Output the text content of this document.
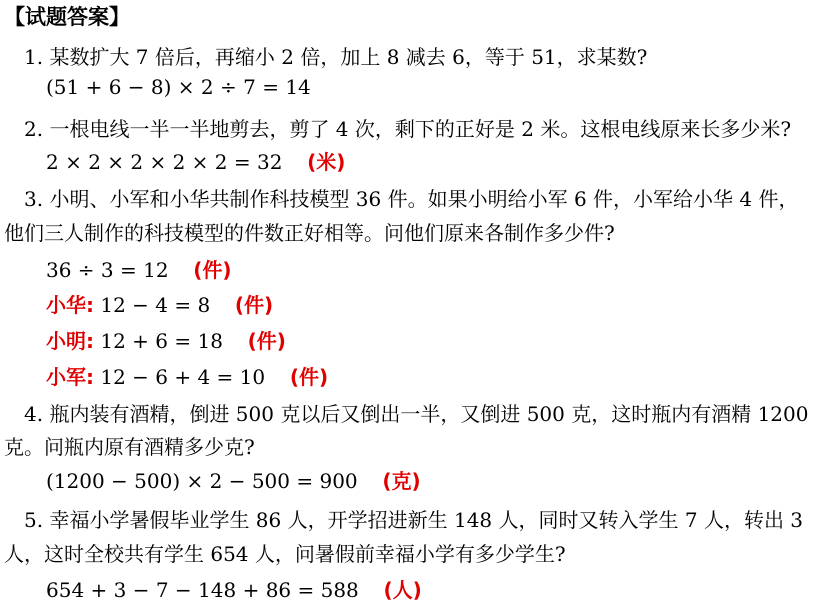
【试题答案】
1. 某数扩大 7 倍后，再缩小 2 倍，加上 8 减去 6，等于 51，求某数?
(51 + 6 − 8) × 2 ÷ 7 = 14
2. 一根电线一半一半地剪去，剪了 4 次，剩下的正好是 2 米。这根电线原来长多少米?
2 × 2 × 2 × 2 × 2 = 32 (米)
3. 小明、小军和小华共制作科技模型 36 件。如果小明给小军 6 件，小军给小华 4 件，
他们三人制作的科技模型的件数正好相等。问他们原来各制作多少件?
36 ÷ 3 = 12 (件)
小华: 12 − 4 = 8 (件)
小明: 12 + 6 = 18 (件)
小军: 12 − 6 + 4 = 10 (件)
4. 瓶内装有酒精，倒进 500 克以后又倒出一半，又倒进 500 克，这时瓶内有酒精 1200
克。问瓶内原有酒精多少克?
(1200 − 500) × 2 − 500 = 900 (克)
5. 幸福小学暑假毕业学生 86 人，开学招进新生 148 人，同时又转入学生 7 人，转出 3
人，这时全校共有学生 654 人，问暑假前幸福小学有多少学生?
654 + 3 − 7 − 148 + 86 = 588 (人)
